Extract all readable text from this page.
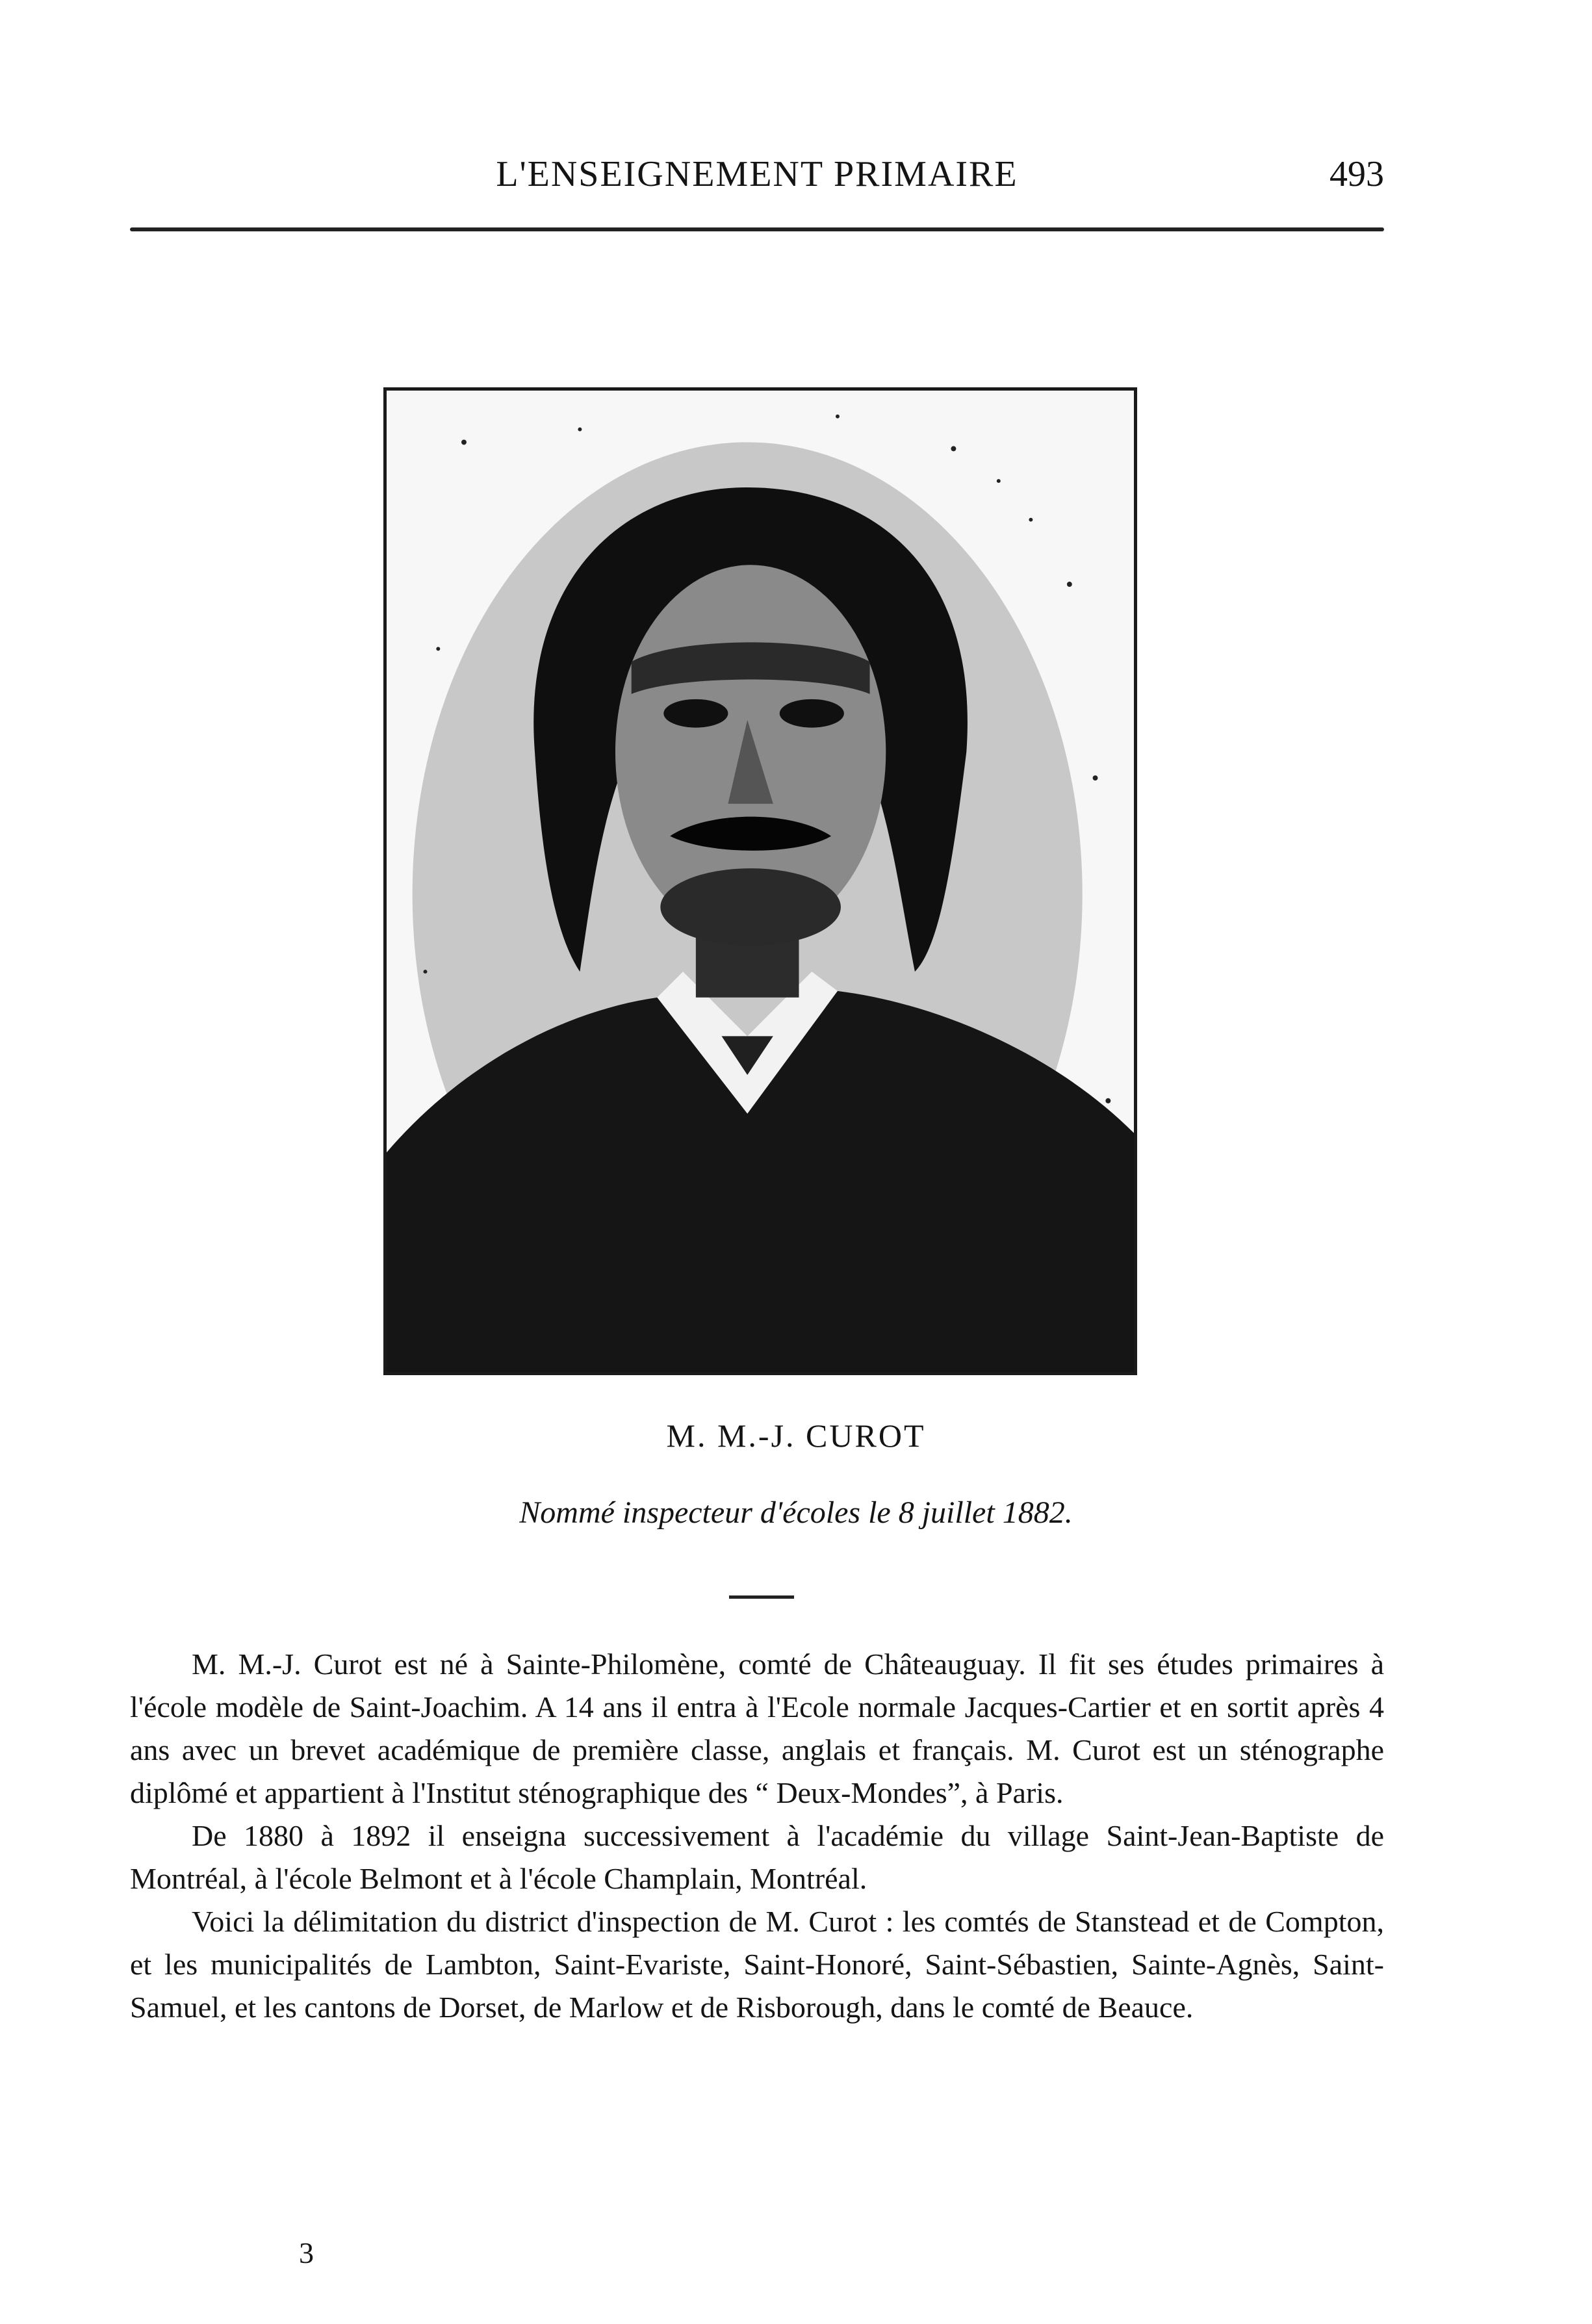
L'ENSEIGNEMENT PRIMAIRE	493
M. M.-J. CUROT
Nommé inspecteur d'écoles le 8 juillet 1882.

M. M.-J. Curot est né à Sainte-Philomène, comté de Châteauguay. Il fit ses études primaires à l'école modèle de Saint-Joachim. A 14 ans il entra à l'Ecole normale Jacques-Cartier et en sortit après 4 ans avec un brevet académique de première classe, anglais et français. M. Curot est un sténographe diplômé et appartient à l'Institut sténographique des “ Deux-Mondes”, à Paris.

De 1880 à 1892 il enseigna successivement à l'académie du village Saint-Jean-Baptiste de Montréal, à l'école Belmont et à l'école Champlain, Montréal.

Voici la délimitation du district d'inspection de M. Curot : les comtés de Stanstead et de Compton, et les municipalités de Lambton, Saint-Evariste, Saint-Honoré, Saint-Sébastien, Sainte-Agnès, Saint-Samuel, et les cantons de Dorset, de Marlow et de Risborough, dans le comté de Beauce.

3
